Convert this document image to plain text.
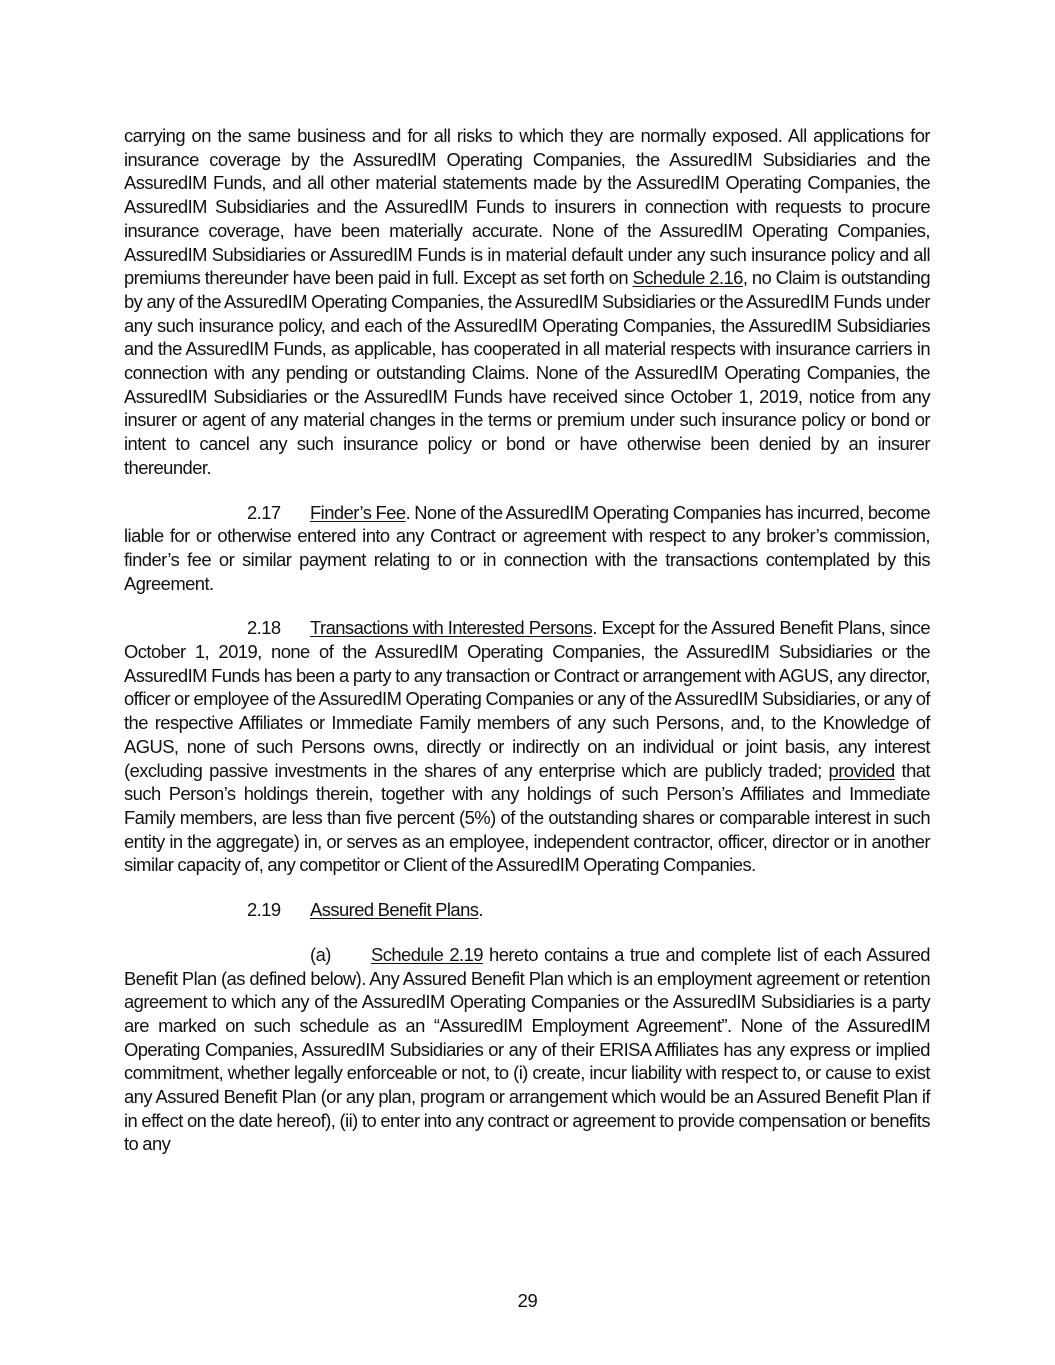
carrying on the same business and for all risks to which they are normally exposed. All applications for insurance coverage by the AssuredIM Operating Companies, the AssuredIM Subsidiaries and the AssuredIM Funds, and all other material statements made by the AssuredIM Operating Companies, the AssuredIM Subsidiaries and the AssuredIM Funds to insurers in connection with requests to procure insurance coverage, have been materially accurate. None of the AssuredIM Operating Companies, AssuredIM Subsidiaries or AssuredIM Funds is in material default under any such insurance policy and all premiums thereunder have been paid in full. Except as set forth on Schedule 2.16, no Claim is outstanding by any of the AssuredIM Operating Companies, the AssuredIM Subsidiaries or the AssuredIM Funds under any such insurance policy, and each of the AssuredIM Operating Companies, the AssuredIM Subsidiaries and the AssuredIM Funds, as applicable, has cooperated in all material respects with insurance carriers in connection with any pending or outstanding Claims. None of the AssuredIM Operating Companies, the AssuredIM Subsidiaries or the AssuredIM Funds have received since October 1, 2019, notice from any insurer or agent of any material changes in the terms or premium under such insurance policy or bond or intent to cancel any such insurance policy or bond or have otherwise been denied by an insurer thereunder.

2.17 Finder’s Fee. None of the AssuredIM Operating Companies has incurred, become liable for or otherwise entered into any Contract or agreement with respect to any broker’s commission, finder’s fee or similar payment relating to or in connection with the transactions contemplated by this Agreement.

2.18 Transactions with Interested Persons. Except for the Assured Benefit Plans, since October 1, 2019, none of the AssuredIM Operating Companies, the AssuredIM Subsidiaries or the AssuredIM Funds has been a party to any transaction or Contract or arrangement with AGUS, any director, officer or employee of the AssuredIM Operating Companies or any of the AssuredIM Subsidiaries, or any of the respective Affiliates or Immediate Family members of any such Persons, and, to the Knowledge of AGUS, none of such Persons owns, directly or indirectly on an individual or joint basis, any interest (excluding passive investments in the shares of any enterprise which are publicly traded; provided that such Person’s holdings therein, together with any holdings of such Person’s Affiliates and Immediate Family members, are less than five percent (5%) of the outstanding shares or comparable interest in such entity in the aggregate) in, or serves as an employee, independent contractor, officer, director or in another similar capacity of, any competitor or Client of the AssuredIM Operating Companies.

2.19 Assured Benefit Plans.

(a) Schedule 2.19 hereto contains a true and complete list of each Assured Benefit Plan (as defined below). Any Assured Benefit Plan which is an employment agreement or retention agreement to which any of the AssuredIM Operating Companies or the AssuredIM Subsidiaries is a party are marked on such schedule as an “AssuredIM Employment Agreement”. None of the AssuredIM Operating Companies, AssuredIM Subsidiaries or any of their ERISA Affiliates has any express or implied commitment, whether legally enforceable or not, to (i) create, incur liability with respect to, or cause to exist any Assured Benefit Plan (or any plan, program or arrangement which would be an Assured Benefit Plan if in effect on the date hereof), (ii) to enter into any contract or agreement to provide compensation or benefits to any

29
